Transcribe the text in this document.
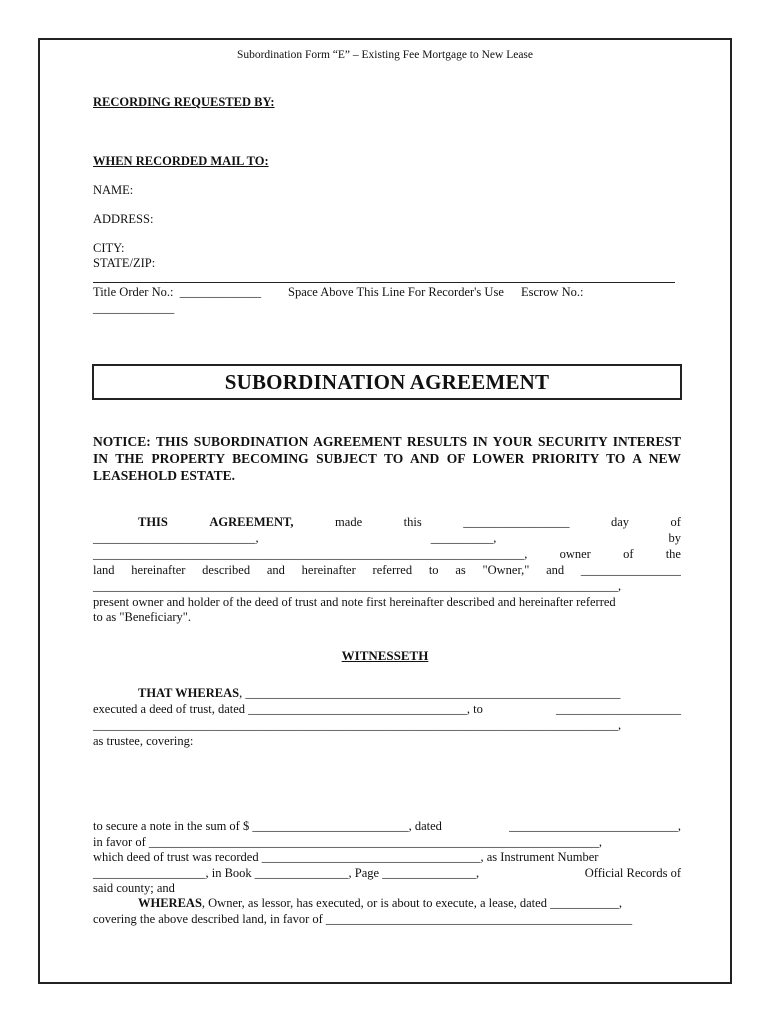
Subordination Form “E” – Existing Fee Mortgage to New Lease
RECORDING REQUESTED BY:
WHEN RECORDED MAIL TO:
NAME:
ADDRESS:
CITY:
STATE/ZIP:
Title Order No.:  _____________ Space Above This Line For Recorder's Use Escrow No.:
_____________
SUBORDINATION AGREEMENT
NOTICE: THIS SUBORDINATION AGREEMENT RESULTS IN YOUR SECURITY INTEREST IN THE PROPERTY BECOMING SUBJECT TO AND OF LOWER PRIORITY TO A NEW LEASEHOLD ESTATE.
THIS	AGREEMENT,	made	this	_________________	day	of
__________________________,	__________,	by
_____________________________________________________________________,	owner	of	the
land hereinafter described and hereinafter referred to as "Owner," and ________________
____________________________________________________________________________________,
present owner and holder of the deed of trust and note first hereinafter described and hereinafter referred
to as "Beneficiary".
WITNESSETH
THAT WHEREAS, ____________________________________________________________
executed a deed of trust, dated ___________________________________, to	____________________
____________________________________________________________________________________,
as trustee, covering:
to secure a note in the sum of $ _________________________, dated	___________________________,
in favor of ________________________________________________________________________,
which deed of trust was recorded ___________________________________, as Instrument Number
__________________, in Book _______________, Page _______________,	Official Records of
said county; and
WHEREAS, Owner, as lessor, has executed, or is about to execute, a lease, dated ___________,
covering the above described land, in favor of _________________________________________________
